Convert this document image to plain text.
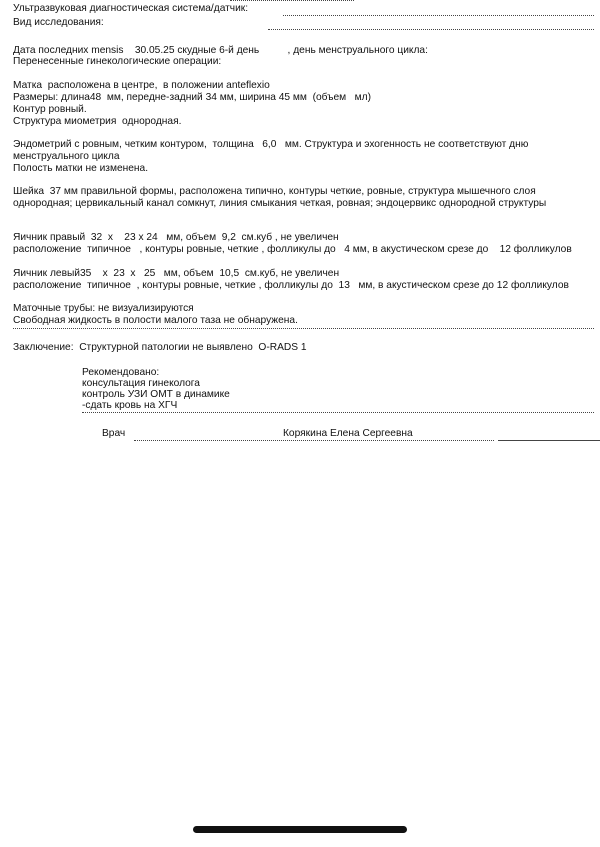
Ультразвуковая диагностическая система/датчик:
Вид исследования:
Дата последних mensis    30.05.25 скудные 6-й день          , день менструального цикла:
Перенесенные гинекологические операции:
Матка  расположена в центре,  в положении anteflexio
Размеры: длина48  мм, передне-задний 34 мм, ширина 45 мм  (объем   мл)
Контур ровный.
Структура миометрия  однородная.
Эндометрий с ровным, четким контуром,  толщина   6,0   мм. Структура и эхогенность не соответствуют дню
менструального цикла
Полость матки не изменена.
Шейка  37 мм правильной формы, расположена типично, контуры четкие, ровные, структура мышечного слоя
однородная; цервикальный канал сомкнут, линия смыкания четкая, ровная; эндоцервикс однородной структуры
Яичник правый  32  х    23 х 24   мм, объем  9,2  см.куб , не увеличен
расположение  типичное   , контуры ровные, четкие , фолликулы до   4 мм, в акустическом срезе до    12 фолликулов
Яичник левый35    х  23  х   25   мм, объем  10,5  см.куб, не увеличен
расположение  типичное  , контуры ровные, четкие , фолликулы до  13   мм, в акустическом срезе до 12 фолликулов
Маточные трубы: не визуализируются
Свободная жидкость в полости малого таза не обнаружена.
Заключение:  Структурной патологии не выявлено  O-RADS 1
Рекомендовано:
консультация гинеколога
контроль УЗИ ОМТ в динамике
-сдать кровь на ХГЧ
Врач	Корякина Елена Сергеевна
